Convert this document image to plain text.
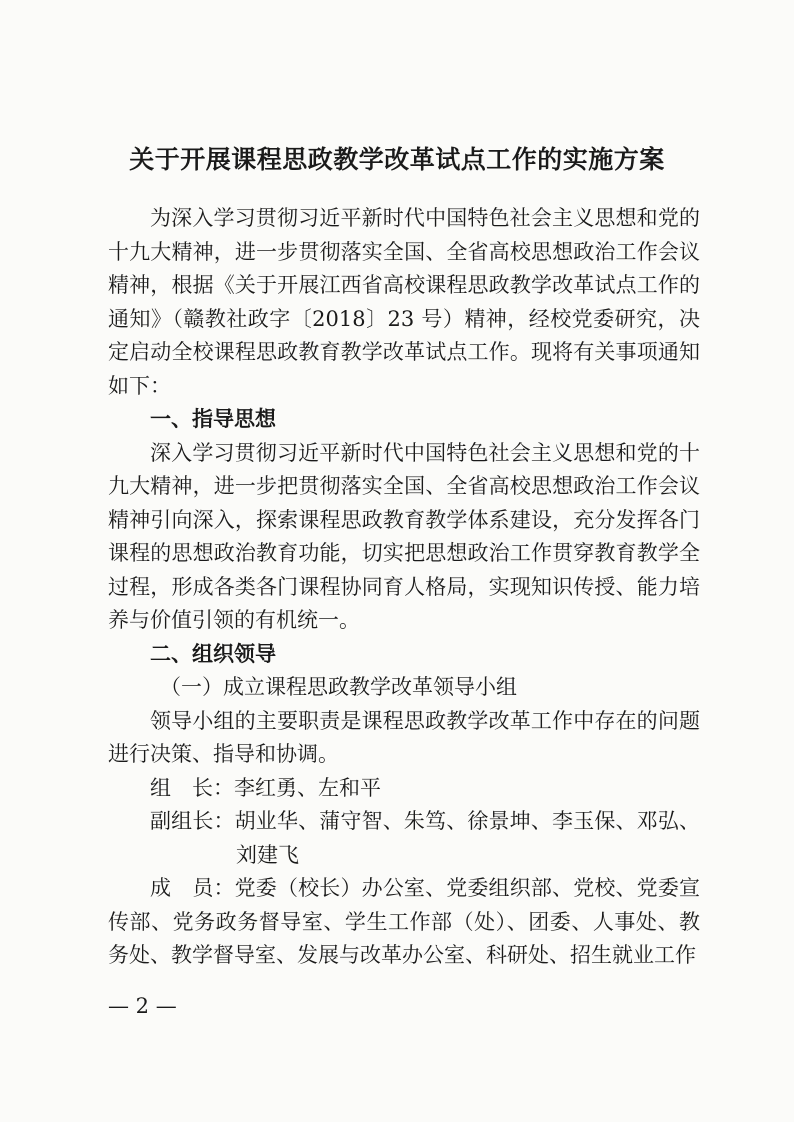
关于开展课程思政教学改革试点工作的实施方案

为深入学习贯彻习近平新时代中国特色社会主义思想和党的十九大精神，进一步贯彻落实全国、全省高校思想政治工作会议精神，根据《关于开展江西省高校课程思政教学改革试点工作的通知》（赣教社政字〔2018〕23 号）精神，经校党委研究，决定启动全校课程思政教育教学改革试点工作。现将有关事项通知如下：

一、指导思想

深入学习贯彻习近平新时代中国特色社会主义思想和党的十九大精神，进一步把贯彻落实全国、全省高校思想政治工作会议精神引向深入，探索课程思政教育教学体系建设，充分发挥各门课程的思想政治教育功能，切实把思想政治工作贯穿教育教学全过程，形成各类各门课程协同育人格局，实现知识传授、能力培养与价值引领的有机统一。

二、组织领导

（一）成立课程思政教学改革领导小组

领导小组的主要职责是课程思政教学改革工作中存在的问题进行决策、指导和协调。

组　长：李红勇、左和平

副组长：胡业华、蒲守智、朱笃、徐景坤、李玉保、邓弘、刘建飞

成　员：党委（校长）办公室、党委组织部、党校、党委宣传部、党务政务督导室、学生工作部（处）、团委、人事处、教务处、教学督导室、发展与改革办公室、科研处、招生就业工作

— 2 —
